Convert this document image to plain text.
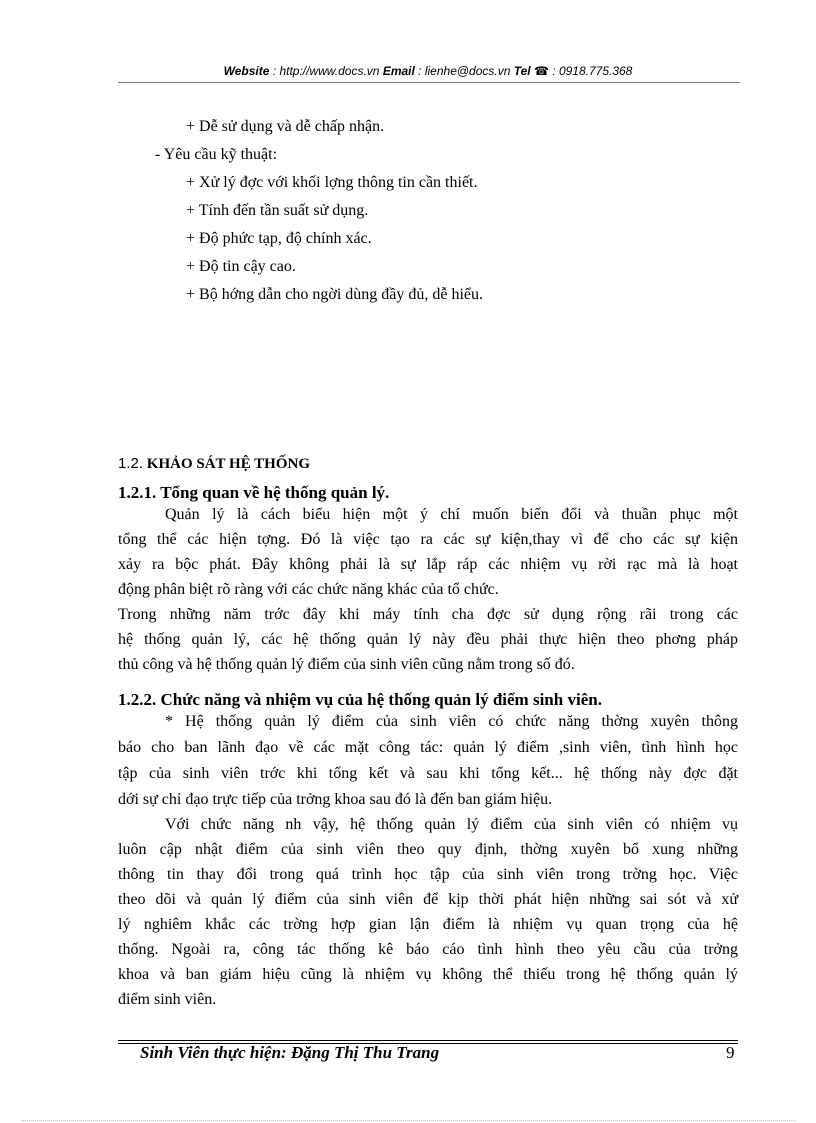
Website : http://www.docs.vn Email : lienhe@docs.vn Tel ☎ : 0918.775.368
+ Dễ sử dụng và dễ chấp nhận.
- Yêu cầu kỹ thuật:
+ Xử lý đợc với khối lợng thông tin cần thiết.
+ Tính đến tần suất sử dụng.
+ Độ phức tạp, độ chính xác.
+ Độ tin cậy cao.
+ Bộ hớng dẫn cho ngời dùng đầy đủ, dễ hiểu.
1.2. KHẢO SÁT HỆ THỐNG
1.2.1. Tổng quan về hệ thống quản lý.
Quản lý là cách biểu hiện một ý chí muốn biến đổi và thuần phục một
tổng thể các hiện tợng. Đó là việc tạo ra các sự kiện,thay vì để cho các sự kiện
xảy ra bộc phát. Đây không phải là sự lắp ráp các nhiệm vụ rời rạc mà là hoạt
động phân biệt rõ ràng với các chức năng khác của tổ chức.
Trong những năm trớc đây khi máy tính cha đợc sử dụng rộng rãi trong các
hệ thống quản lý, các hệ thống quản lý này đều phải thực hiện theo phơng pháp
thủ công và hệ thống quản lý điểm của sinh viên cũng nằm trong số đó.
1.2.2. Chức năng và nhiệm vụ của hệ thống quản lý điểm sinh viên.
* Hệ thống quản lý điểm của sinh viên có chức năng thờng xuyên thông
báo cho ban lãnh đạo về các mặt công tác: quản lý điểm ,sinh viên, tình hình học
tập của sinh viên trớc khi tổng kết và sau khi tổng kết... hệ thống này đợc đặt
dới sự chỉ đạo trực tiếp của trởng khoa sau đó là đến ban giám hiệu.
Với chức năng nh vậy, hệ thống quản lý điểm của sinh viên có nhiệm vụ
luôn cập nhật điểm của sinh viên theo quy định, thờng xuyên bổ xung những
thông tin thay đổi trong quá trình học tập của sinh viên trong trờng học. Việc
theo dõi và quản lý điểm của sinh viên để kịp thời phát hiện những sai sót và xử
lý nghiêm khắc các trờng hợp gian lận điểm là nhiệm vụ quan trọng của hệ
thống. Ngoài ra, công tác thống kê báo cáo tình hình theo yêu cầu của trởng
khoa và ban giám hiệu cũng là nhiệm vụ không thể thiếu trong hệ thống quản lý
điểm sinh viên.
Sinh Viên thực hiện: Đặng Thị Thu Trang	9
